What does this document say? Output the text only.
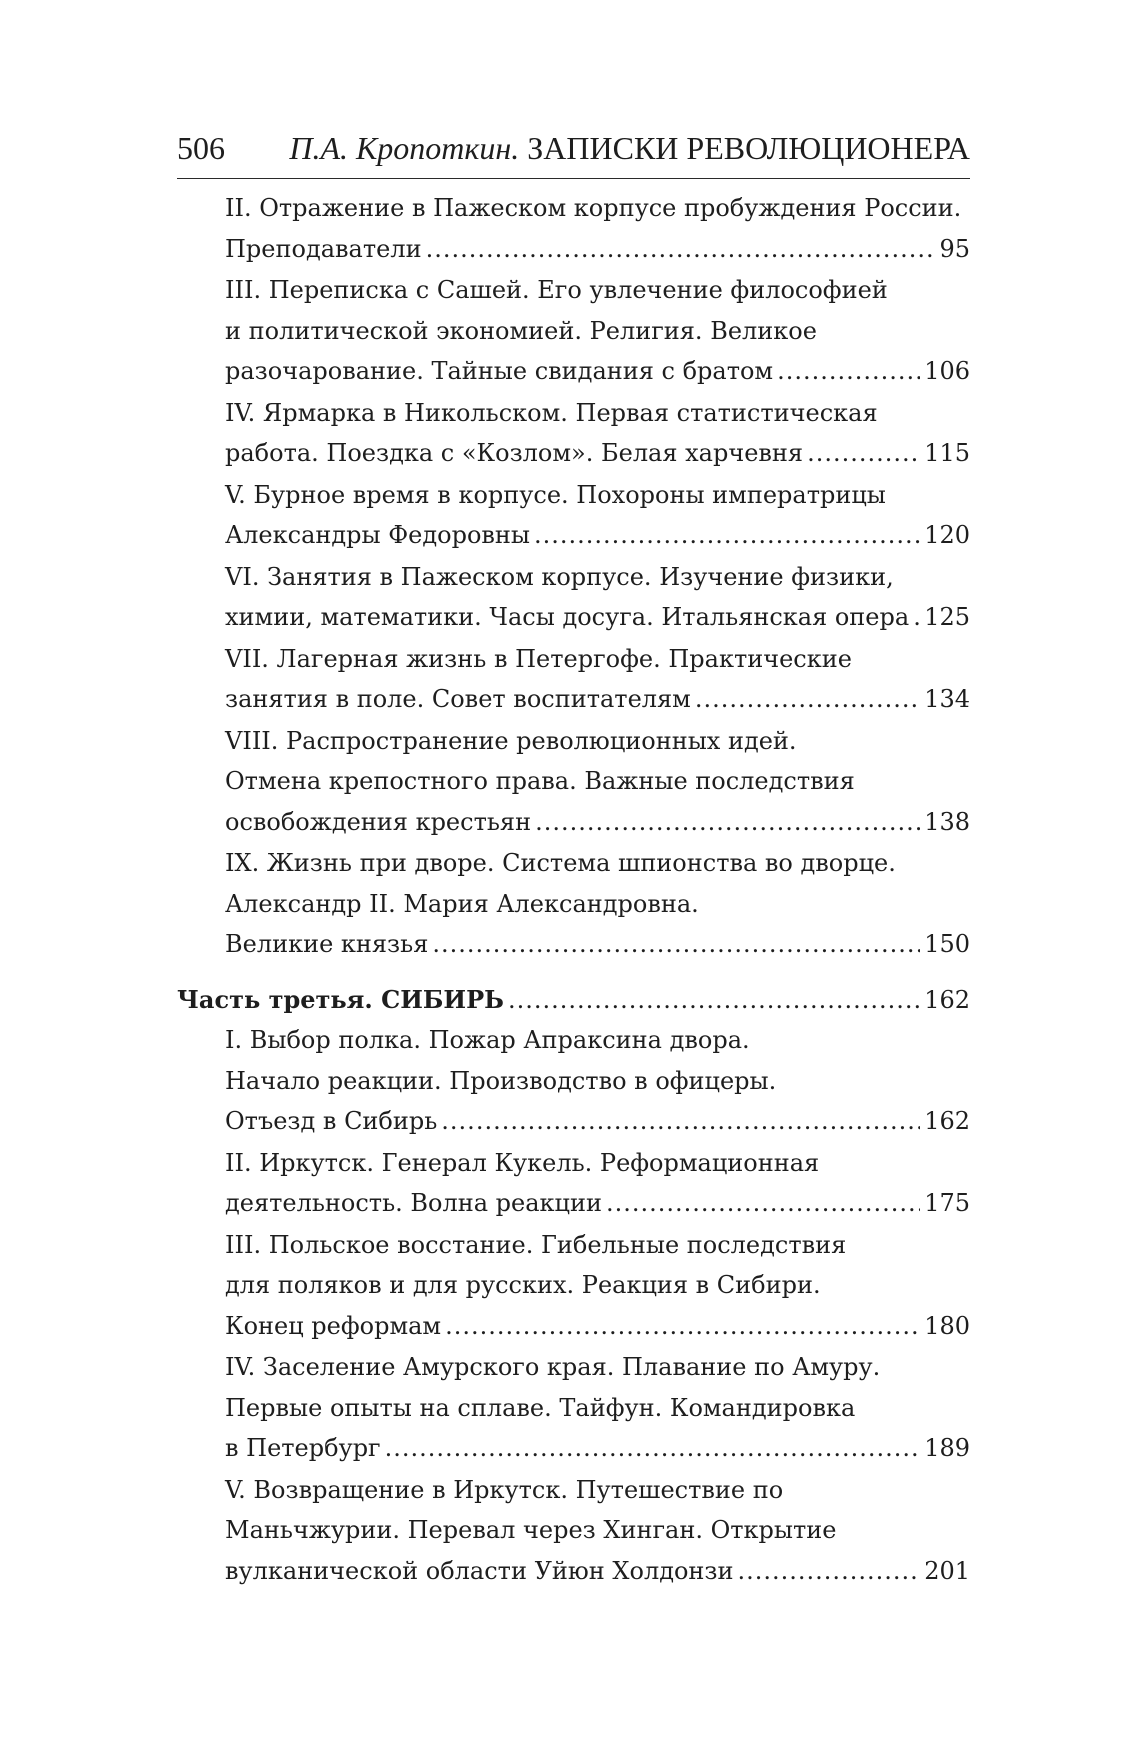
506 П.А. Кропоткин. ЗАПИСКИ РЕВОЛЮЦИОНЕРА
II. Отражение в Пажеском корпусе пробуждения России.
Преподаватели .....	95
III. Переписка с Сашей. Его увлечение философией
и политической экономией. Религия. Великое
разочарование. Тайные свидания с братом .....	106
IV. Ярмарка в Никольском. Первая статистическая
работа. Поездка с «Козлом». Белая харчевня .....	115
V. Бурное время в корпусе. Похороны императрицы
Александры Федоровны .....	120
VI. Занятия в Пажеском корпусе. Изучение физики,
химии, математики. Часы досуга. Итальянская опера ..... 125
VII. Лагерная жизнь в Петергофе. Практические
занятия в поле. Совет воспитателям .....	134
VIII. Распространение революционных идей.
Отмена крепостного права. Важные последствия
освобождения крестьян .....	138
IX. Жизнь при дворе. Система шпионства во дворце.
Александр II. Мария Александровна.
Великие князья .....	150
Часть третья. СИБИРЬ .....	162
I. Выбор полка. Пожар Апраксина двора.
Начало реакции. Производство в офицеры.
Отъезд в Сибирь .....	162
II. Иркутск. Генерал Кукель. Реформационная
деятельность. Волна реакции .....	175
III. Польское восстание. Гибельные последствия
для поляков и для русских. Реакция в Сибири.
Конец реформам .....	180
IV. Заселение Амурского края. Плавание по Амуру.
Первые опыты на сплаве. Тайфун. Командировка
в Петербург .....	189
V. Возвращение в Иркутск. Путешествие по
Маньчжурии. Перевал через Хинган. Открытие
вулканической области Уйюн Холдонзи .....	201
